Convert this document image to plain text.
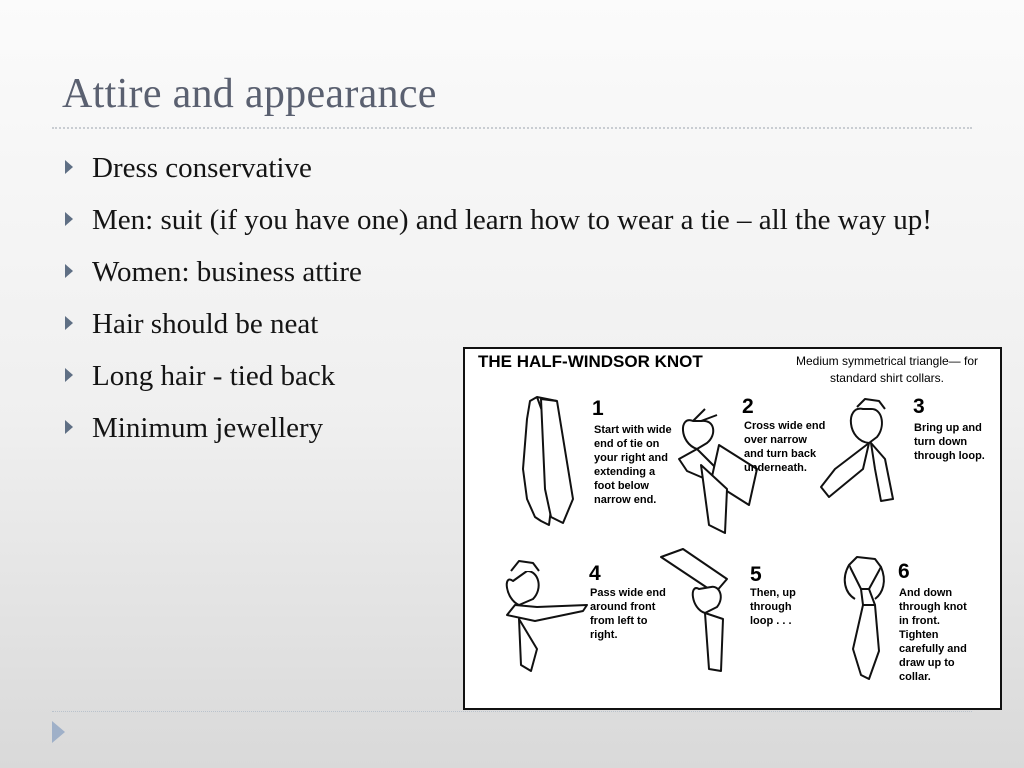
Attire and appearance
Dress conservative
Men: suit (if you have one) and learn how to wear a tie – all the way up!
Women: business attire
Hair should be neat
Long hair - tied back
Minimum jewellery
THE HALF-WINDSOR KNOT	Medium symmetrical triangle— for standard shirt collars.
1
Start with wide
end of tie on
your right and
extending a
foot below
narrow end.
2
Cross wide end
over narrow
and turn back
underneath.
3
Bring up and
turn down
through loop.
4
Pass wide end
around front
from left to
right.
5
Then, up
through
loop . . .
6
And down
through knot
in front.
Tighten
carefully and
draw up to
collar.
